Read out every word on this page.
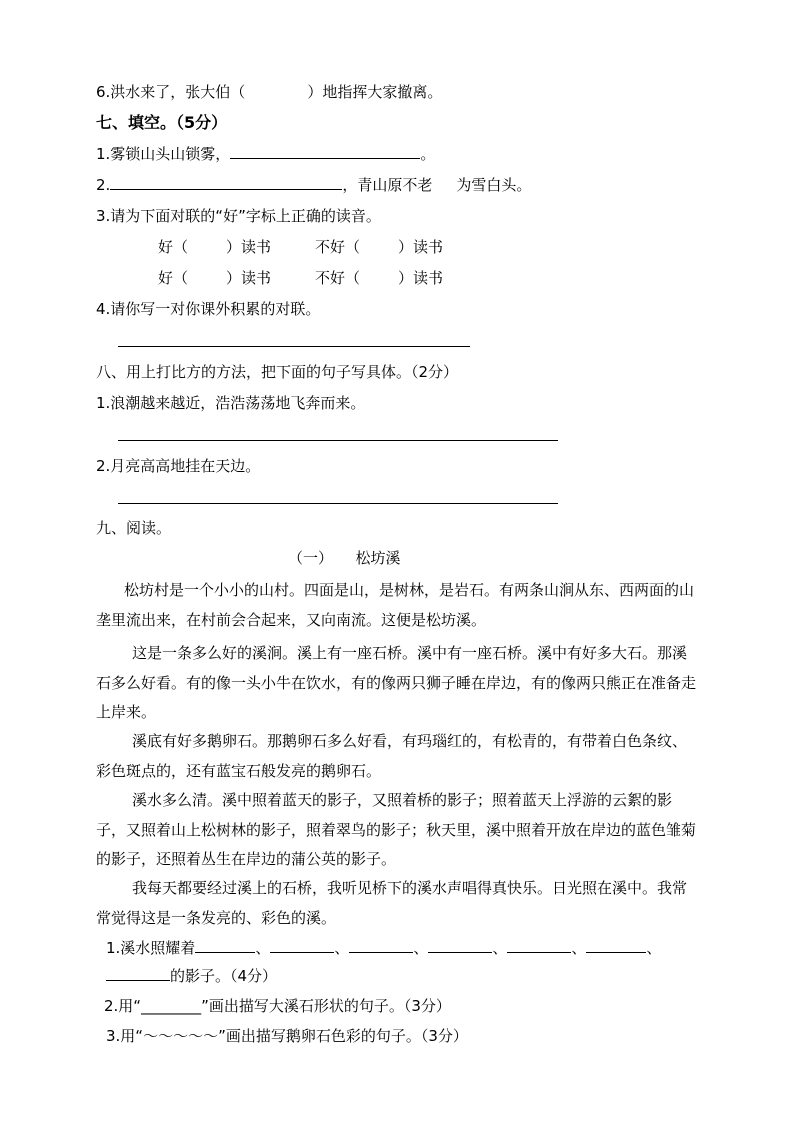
6.洪水来了，张大伯（	）地指挥大家撤离。
七、填空。（5分）
1.雾锁山头山锁雾，	。
2.	，青山原不老 为雪白头。
3.请为下面对联的“好”字标上正确的读音。
好（	）读书	不好（	）读书
好（	）读书	不好（	）读书
4.请你写一对你课外积累的对联。
八、用上打比方的方法，把下面的句子写具体。（2分）
1.浪潮越来越近，浩浩荡荡地飞奔而来。
2.月亮高高地挂在天边。
九、阅读。
（一）　　松坊溪
松坊村是一个小小的山村。四面是山，是树林，是岩石。有两条山涧从东、西两面的山垄里流出来，在村前会合起来，又向南流。这便是松坊溪。
这是一条多么好的溪涧。溪上有一座石桥。溪中有一座石桥。溪中有好多大石。那溪石多么好看。有的像一头小牛在饮水，有的像两只狮子睡在岸边，有的像两只熊正在准备走上岸来。
溪底有好多鹅卵石。那鹅卵石多么好看，有玛瑙红的，有松青的，有带着白色条纹、彩色斑点的，还有蓝宝石般发亮的鹅卵石。
溪水多么清。溪中照着蓝天的影子，又照着桥的影子；照着蓝天上浮游的云絮的影子，又照着山上松树林的影子，照着翠鸟的影子；秋天里，溪中照着开放在岸边的蓝色雏菊的影子，还照着丛生在岸边的蒲公英的影子。
我每天都要经过溪上的石桥，我听见桥下的溪水声唱得真快乐。日光照在溪中。我常常觉得这是一条发亮的、彩色的溪。
1.溪水照耀着	、	、	、	、	、	、
的影子。（4分）
2.用“________”画出描写大溪石形状的句子。（3分）
3.用“～～～～～”画出描写鹅卵石色彩的句子。（3分）
